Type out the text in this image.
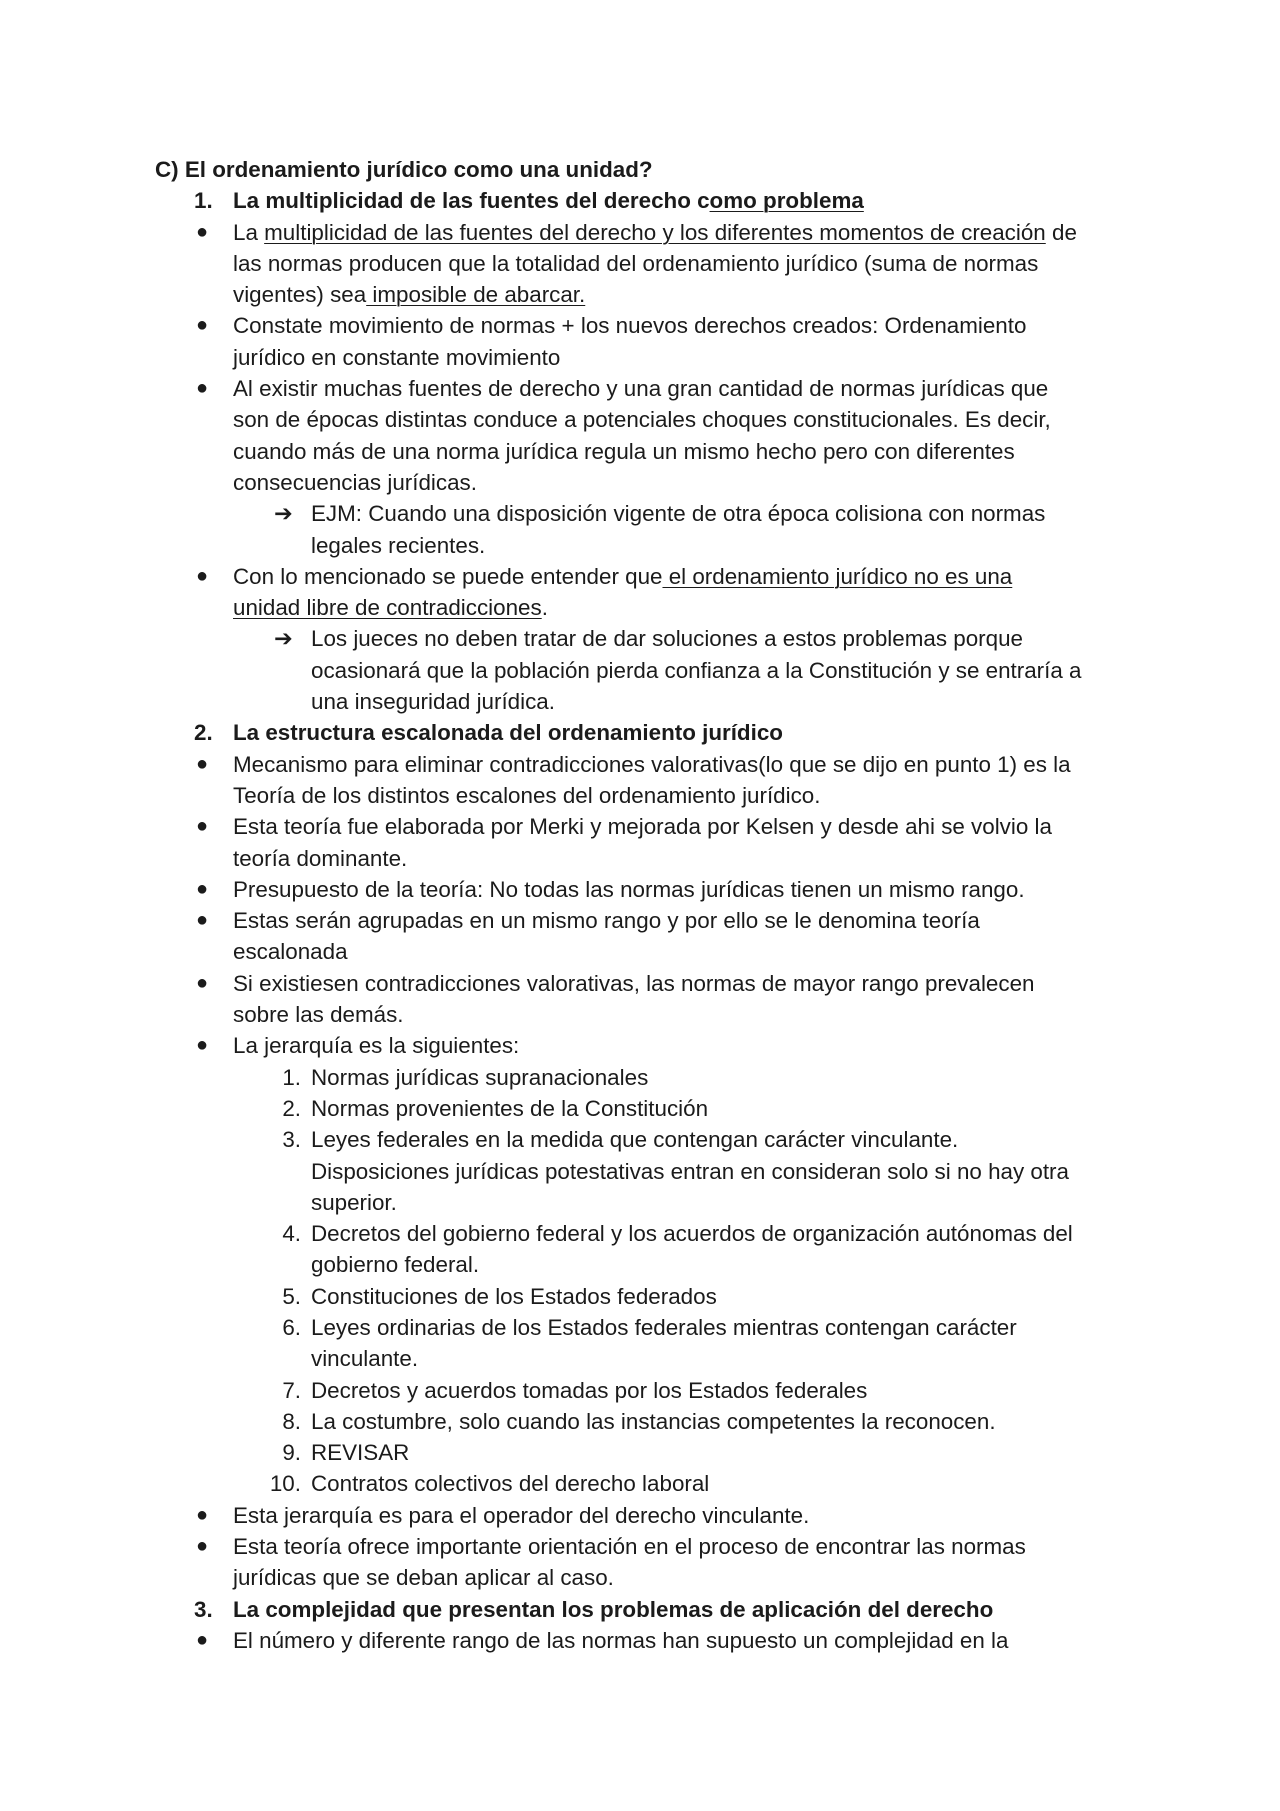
C) El ordenamiento jurídico como una unidad?
1. La multiplicidad de las fuentes del derecho como problema
● La multiplicidad de las fuentes del derecho y los diferentes momentos de creación de
las normas producen que la totalidad del ordenamiento jurídico (suma de normas
vigentes) sea imposible de abarcar.
● Constate movimiento de normas + los nuevos derechos creados: Ordenamiento
jurídico en constante movimiento
● Al existir muchas fuentes de derecho y una gran cantidad de normas jurídicas que
son de épocas distintas conduce a potenciales choques constitucionales. Es decir,
cuando más de una norma jurídica regula un mismo hecho pero con diferentes
consecuencias jurídicas.
➔ EJM: Cuando una disposición vigente de otra época colisiona con normas
legales recientes.
● Con lo mencionado se puede entender que el ordenamiento jurídico no es una
unidad libre de contradicciones.
➔ Los jueces no deben tratar de dar soluciones a estos problemas porque
ocasionará que la población pierda confianza a la Constitución y se entraría a
una inseguridad jurídica.
2. La estructura escalonada del ordenamiento jurídico
● Mecanismo para eliminar contradicciones valorativas(lo que se dijo en punto 1) es la
Teoría de los distintos escalones del ordenamiento jurídico.
● Esta teoría fue elaborada por Merki y mejorada por Kelsen y desde ahi se volvio la
teoría dominante.
● Presupuesto de la teoría: No todas las normas jurídicas tienen un mismo rango.
● Estas serán agrupadas en un mismo rango y por ello se le denomina teoría
escalonada
● Si existiesen contradicciones valorativas, las normas de mayor rango prevalecen
sobre las demás.
● La jerarquía es la siguientes:
1. Normas jurídicas supranacionales
2. Normas provenientes de la Constitución
3. Leyes federales en la medida que contengan carácter vinculante.
Disposiciones jurídicas potestativas entran en consideran solo si no hay otra
superior.
4. Decretos del gobierno federal y los acuerdos de organización autónomas del
gobierno federal.
5. Constituciones de los Estados federados
6. Leyes ordinarias de los Estados federales mientras contengan carácter
vinculante.
7. Decretos y acuerdos tomadas por los Estados federales
8. La costumbre, solo cuando las instancias competentes la reconocen.
9. REVISAR
10. Contratos colectivos del derecho laboral
● Esta jerarquía es para el operador del derecho vinculante.
● Esta teoría ofrece importante orientación en el proceso de encontrar las normas
jurídicas que se deban aplicar al caso.
3. La complejidad que presentan los problemas de aplicación del derecho
● El número y diferente rango de las normas han supuesto un complejidad en la
